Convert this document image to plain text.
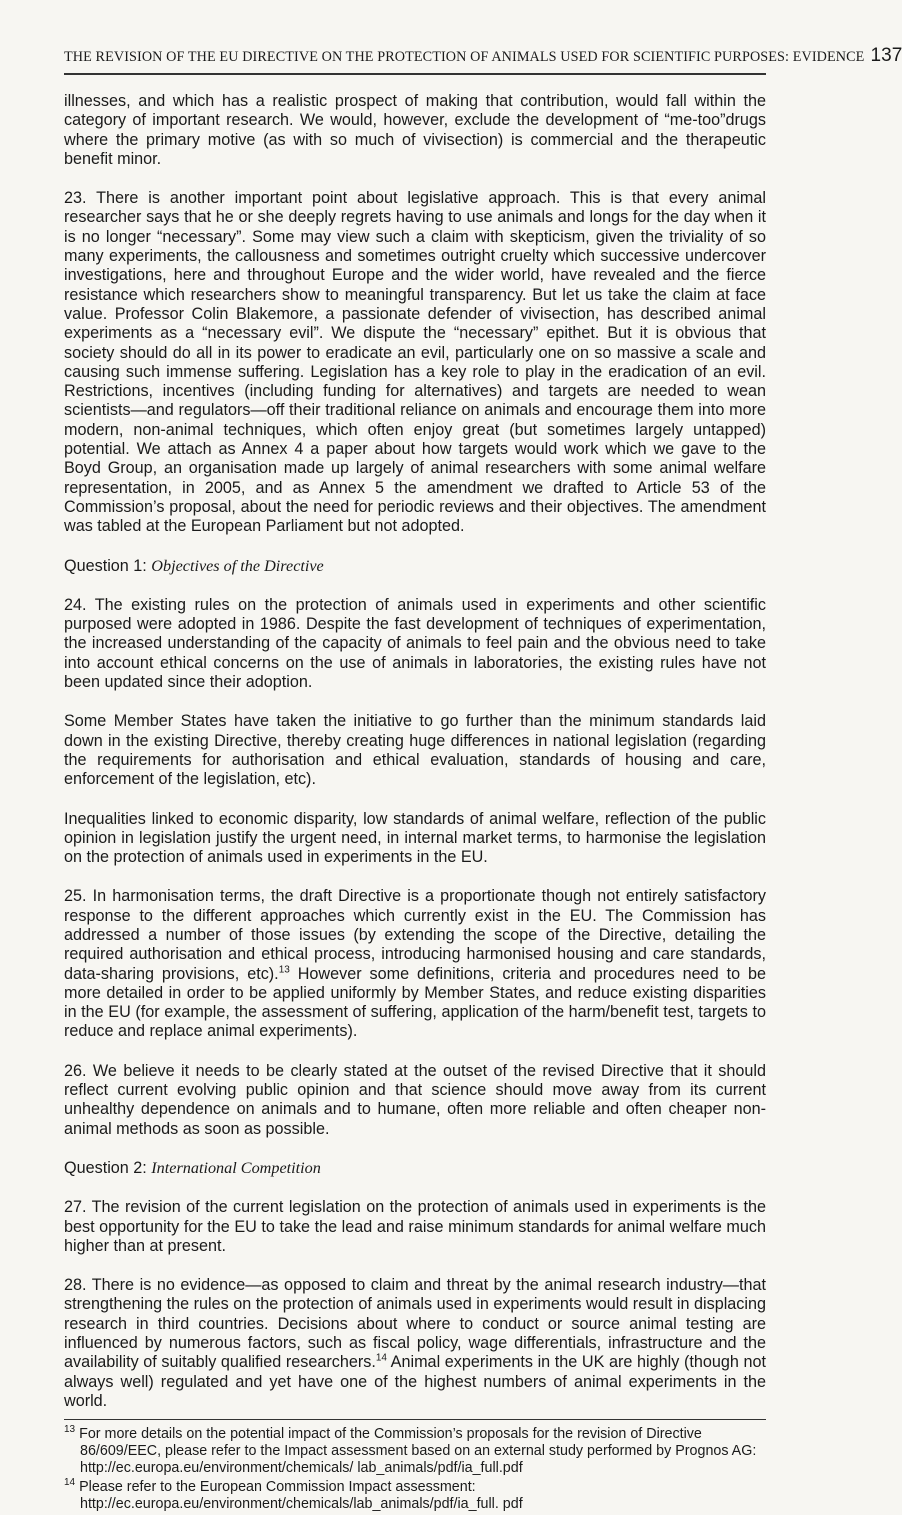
THE REVISION OF THE EU DIRECTIVE ON THE PROTECTION OF ANIMALS USED FOR SCIENTIFIC PURPOSES: EVIDENCE 137

illnesses, and which has a realistic prospect of making that contribution, would fall within the category of important research. We would, however, exclude the development of “me-too”drugs where the primary motive (as with so much of vivisection) is commercial and the therapeutic benefit minor.

23. There is another important point about legislative approach. This is that every animal researcher says that he or she deeply regrets having to use animals and longs for the day when it is no longer “necessary”. Some may view such a claim with skepticism, given the triviality of so many experiments, the callousness and sometimes outright cruelty which successive undercover investigations, here and throughout Europe and the wider world, have revealed and the fierce resistance which researchers show to meaningful transparency. But let us take the claim at face value. Professor Colin Blakemore, a passionate defender of vivisection, has described animal experiments as a “necessary evil”. We dispute the “necessary” epithet. But it is obvious that society should do all in its power to eradicate an evil, particularly one on so massive a scale and causing such immense suffering. Legislation has a key role to play in the eradication of an evil. Restrictions, incentives (including funding for alternatives) and targets are needed to wean scientists—and regulators—off their traditional reliance on animals and encourage them into more modern, non-animal techniques, which often enjoy great (but sometimes largely untapped) potential. We attach as Annex 4 a paper about how targets would work which we gave to the Boyd Group, an organisation made up largely of animal researchers with some animal welfare representation, in 2005, and as Annex 5 the amendment we drafted to Article 53 of the Commission’s proposal, about the need for periodic reviews and their objectives. The amendment was tabled at the European Parliament but not adopted.

Question 1: Objectives of the Directive

24. The existing rules on the protection of animals used in experiments and other scientific purposed were adopted in 1986. Despite the fast development of techniques of experimentation, the increased understanding of the capacity of animals to feel pain and the obvious need to take into account ethical concerns on the use of animals in laboratories, the existing rules have not been updated since their adoption.

Some Member States have taken the initiative to go further than the minimum standards laid down in the existing Directive, thereby creating huge differences in national legislation (regarding the requirements for authorisation and ethical evaluation, standards of housing and care, enforcement of the legislation, etc).

Inequalities linked to economic disparity, low standards of animal welfare, reflection of the public opinion in legislation justify the urgent need, in internal market terms, to harmonise the legislation on the protection of animals used in experiments in the EU.

25. In harmonisation terms, the draft Directive is a proportionate though not entirely satisfactory response to the different approaches which currently exist in the EU. The Commission has addressed a number of those issues (by extending the scope of the Directive, detailing the required authorisation and ethical process, introducing harmonised housing and care standards, data-sharing provisions, etc).$^{13}$ However some definitions, criteria and procedures need to be more detailed in order to be applied uniformly by Member States, and reduce existing disparities in the EU (for example, the assessment of suffering, application of the harm/benefit test, targets to reduce and replace animal experiments).

26. We believe it needs to be clearly stated at the outset of the revised Directive that it should reflect current evolving public opinion and that science should move away from its current unhealthy dependence on animals and to humane, often more reliable and often cheaper non-animal methods as soon as possible.

Question 2: International Competition

27. The revision of the current legislation on the protection of animals used in experiments is the best opportunity for the EU to take the lead and raise minimum standards for animal welfare much higher than at present.

28. There is no evidence—as opposed to claim and threat by the animal research industry—that strengthening the rules on the protection of animals used in experiments would result in displacing research in third countries. Decisions about where to conduct or source animal testing are influenced by numerous factors, such as fiscal policy, wage differentials, infrastructure and the availability of suitably qualified researchers.$^{14}$ Animal experiments in the UK are highly (though not always well) regulated and yet have one of the highest numbers of animal experiments in the world.

$^{13}$ For more details on the potential impact of the Commission’s proposals for the revision of Directive 86/609/EEC, please refer to the Impact assessment based on an external study performed by Prognos AG: http://ec.europa.eu/environment/chemicals/ lab_animals/pdf/ia_full.pdf
$^{14}$ Please refer to the European Commission Impact assessment: http://ec.europa.eu/environment/chemicals/lab_animals/pdf/ia_full. pdf
